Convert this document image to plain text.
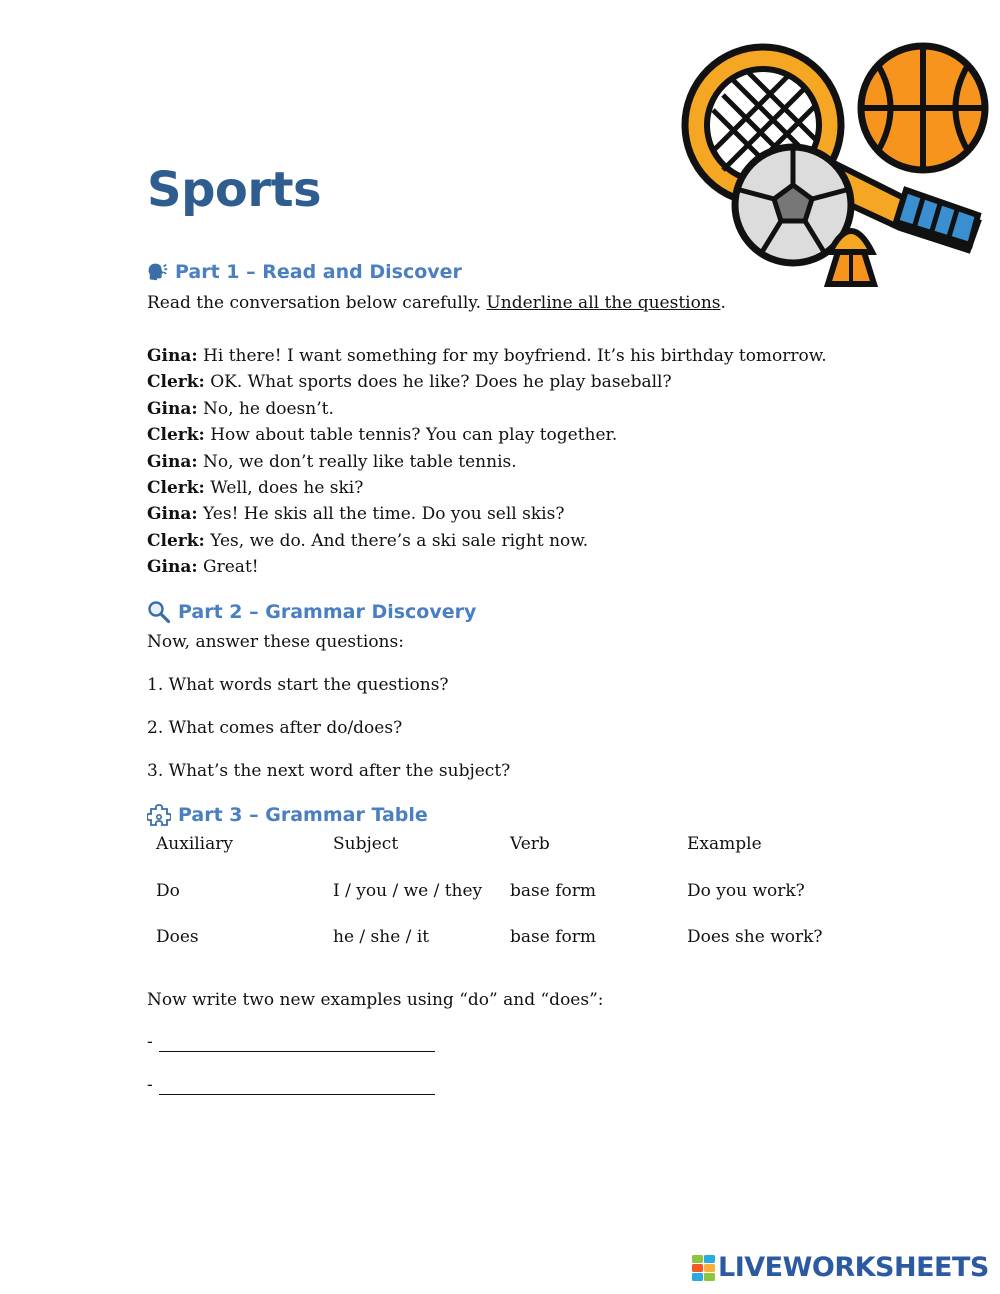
Sports
Part 1 – Read and Discover

Read the conversation below carefully. Underline all the questions.

Gina: Hi there! I want something for my boyfriend. It’s his birthday tomorrow.
Clerk: OK. What sports does he like? Does he play baseball?
Gina: No, he doesn’t.
Clerk: How about table tennis? You can play together.
Gina: No, we don’t really like table tennis.
Clerk: Well, does he ski?
Gina: Yes! He skis all the time. Do you sell skis?
Clerk: Yes, we do. And there’s a ski sale right now.
Gina: Great!
Part 2 – Grammar Discovery

Now, answer these questions:

1. What words start the questions?

2. What comes after do/does?

3. What’s the next word after the subject?

Part 3 – Grammar Table
Auxiliary	Subject	Verb	Example
Do	I / you / we / they	base form	Do you work?
Does	he / she / it	base form	Does she work?

Now write two new examples using “do” and “does”:

-
-
LIVEWORKSHEETS
